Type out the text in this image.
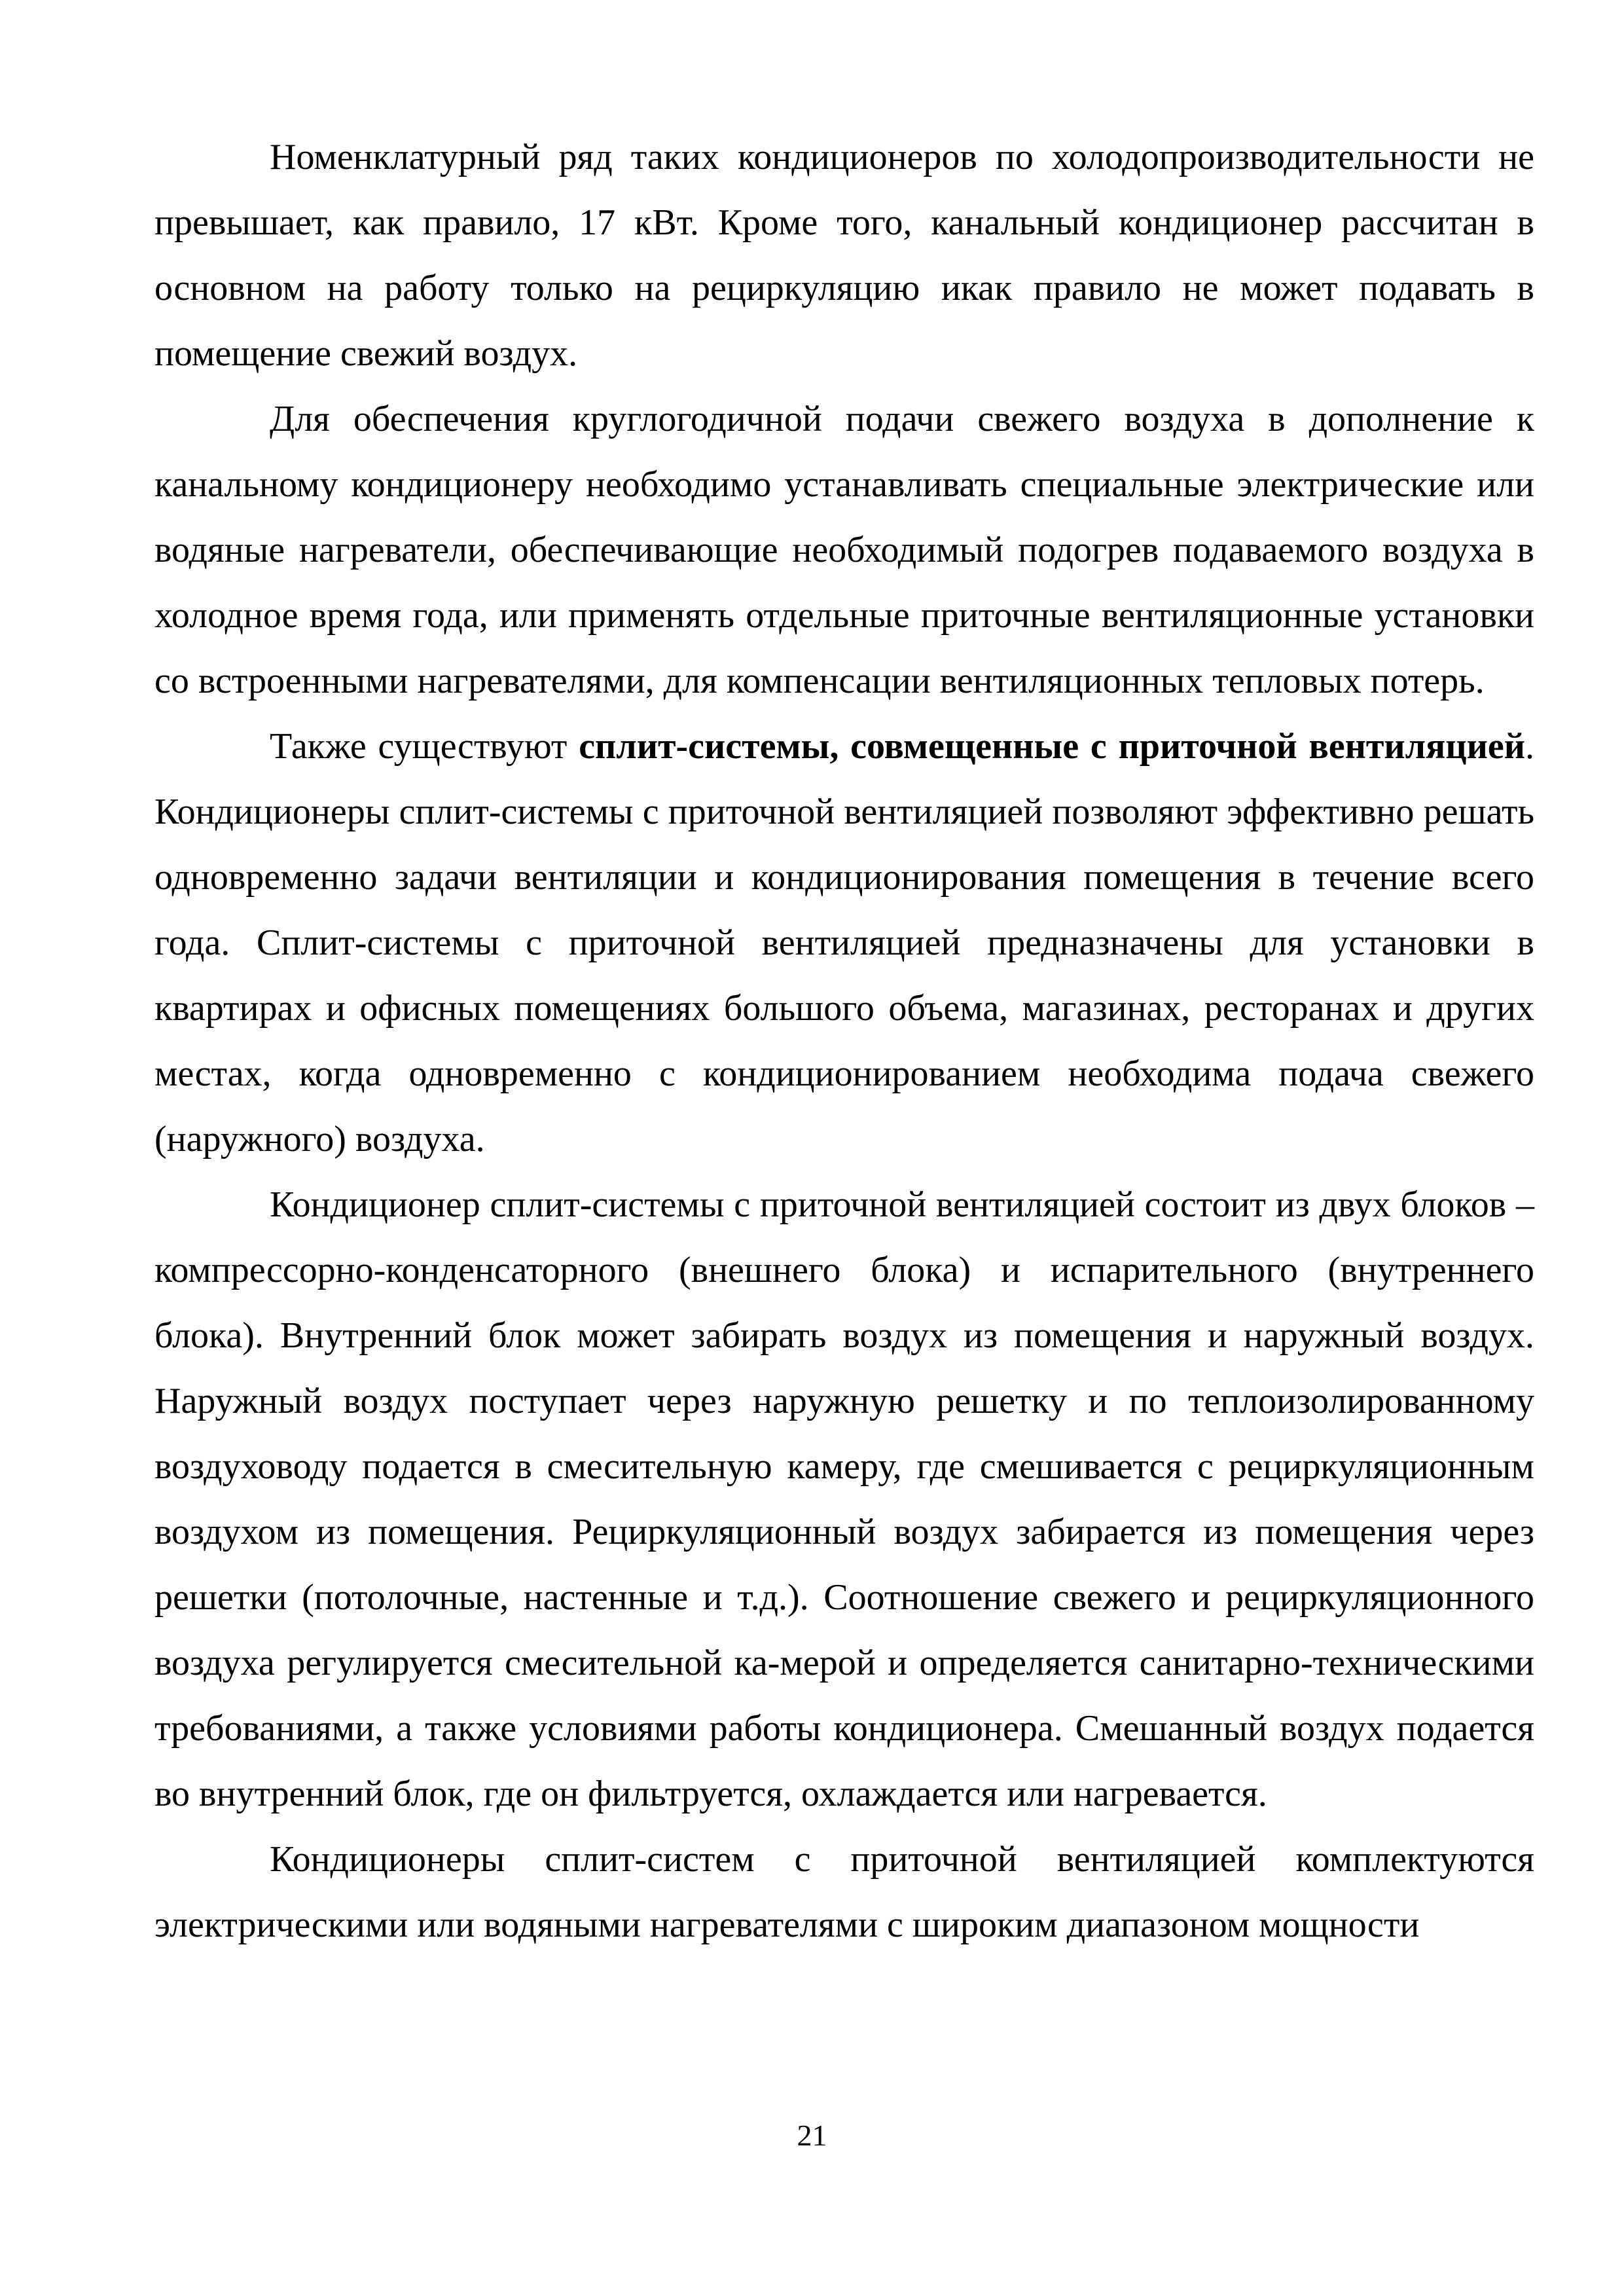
Номенклатурный ряд таких кондиционеров по холодопроизводительности не превышает, как правило, 17 кВт. Кроме того, канальный кондиционер рассчитан в основном на работу только на рециркуляцию икак правило не может подавать в помещение свежий воздух.

Для обеспечения круглогодичной подачи свежего воздуха в дополнение к канальному кондиционеру необходимо устанавливать специальные электрические или водяные нагреватели, обеспечивающие необходимый подогрев подаваемого воздуха в холодное время года, или применять отдельные приточные вентиляционные установки со встроенными нагревателями, для компенсации вентиляционных тепловых потерь.

Также существуют сплит-системы, совмещенные с приточной вентиляцией. Кондиционеры сплит-системы с приточной вентиляцией позволяют эффективно решать одновременно задачи вентиляции и кондиционирования помещения в течение всего года. Сплит-системы с приточной вентиляцией предназначены для установки в квартирах и офисных помещениях большого объема, магазинах, ресторанах и других местах, когда одновременно с кондиционированием необходима подача свежего (наружного) воздуха.

Кондиционер сплит-системы с приточной вентиляцией состоит из двух блоков – компрессорно-конденсаторного (внешнего блока) и испарительного (внутреннего блока). Внутренний блок может забирать воздух из помещения и наружный воздух. Наружный воздух поступает через наружную решетку и по теплоизолированному воздуховоду подается в смесительную камеру, где смешивается с рециркуляционным воздухом из помещения. Рециркуляционный воздух забирается из помещения через решетки (потолочные, настенные и т.д.). Соотношение свежего и рециркуляционного воздуха регулируется смесительной ка-мерой и определяется санитарно-техническими требованиями, а также условиями работы кондиционера. Смешанный воздух подается во внутренний блок, где он фильтруется, охлаждается или нагревается.

Кондиционеры сплит-систем с приточной вентиляцией комплектуются электрическими или водяными нагревателями с широким диапазоном мощности

21
